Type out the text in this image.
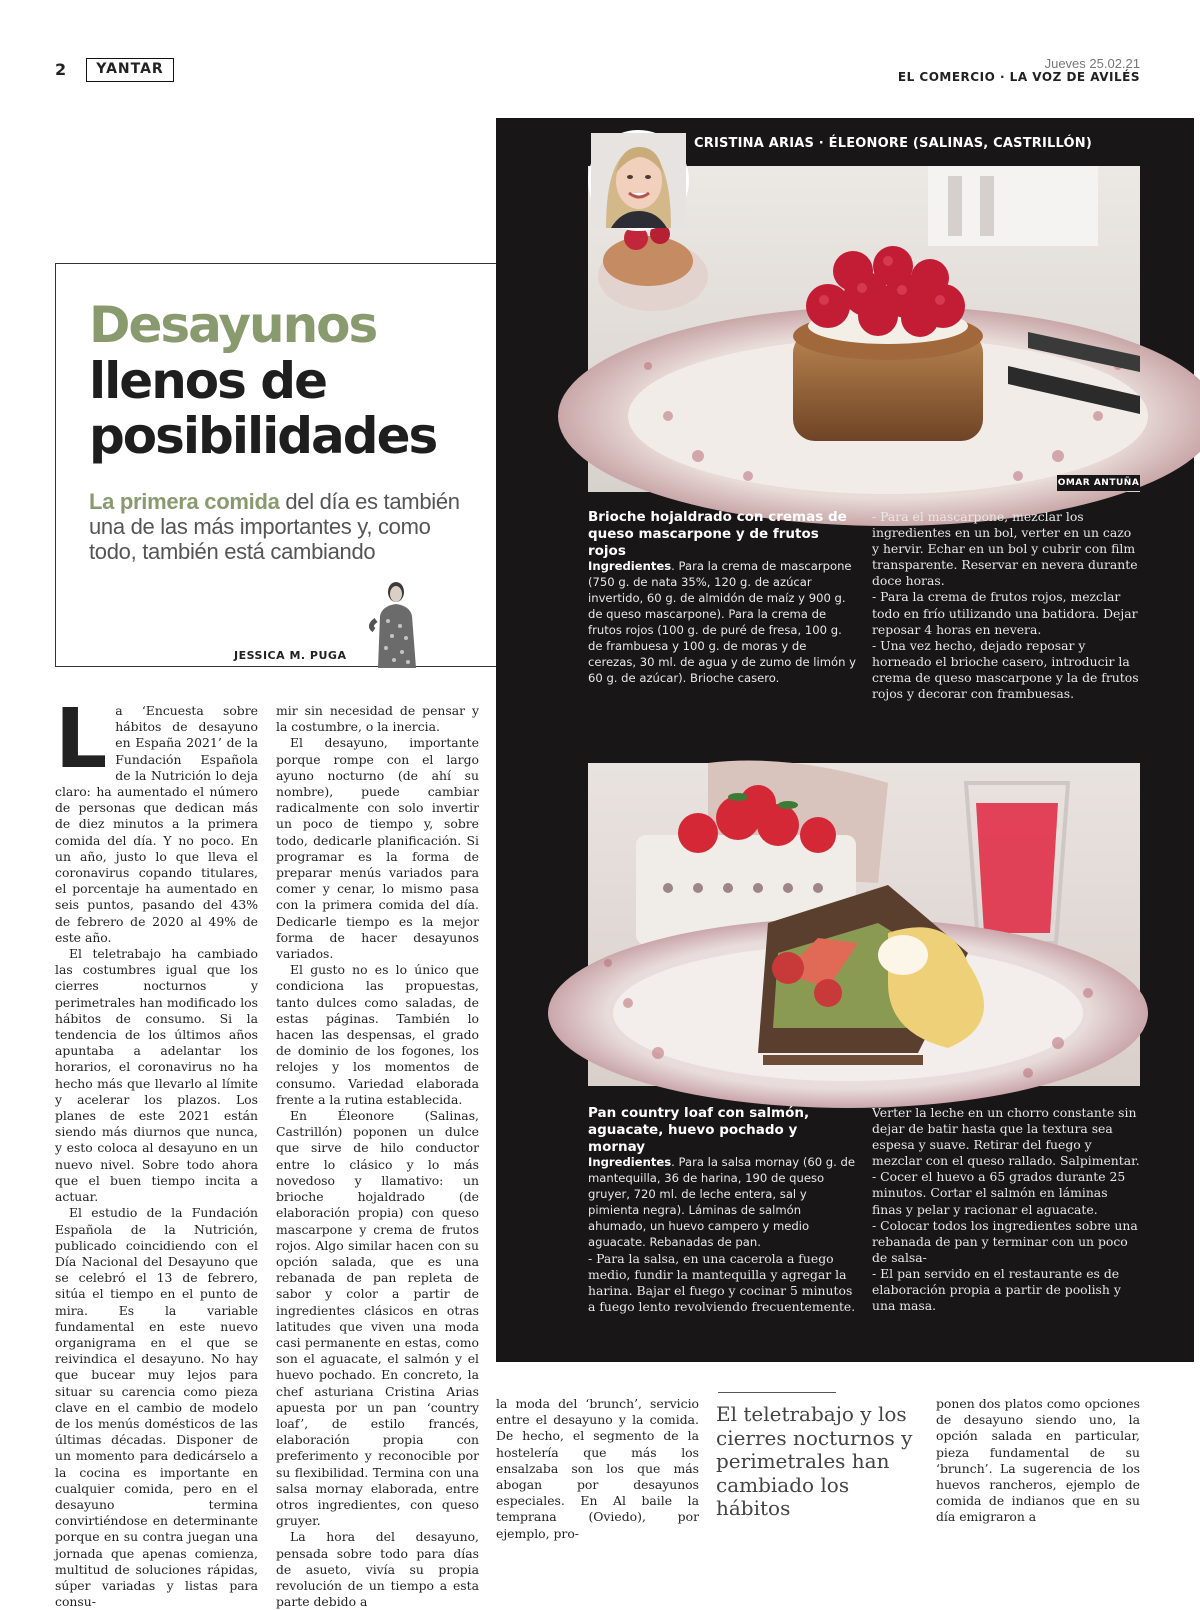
2	YANTAR	Jueves 25.02.21
EL COMERCIO · LA VOZ DE AVILÉS
Desayunos
llenos de posibilidades
La primera comida del día es también una de las más importantes y, como todo, también está cambiando
JESSICA M. PUGA
L a ‘Encuesta sobre hábitos de desayuno en España 2021’ de la Fundación Española de la Nutrición lo deja claro: ha aumentado el número de personas que dedican más de diez minutos a la primera comida del día. Y no poco. En un año, justo lo que lleva el coronavirus copando titulares, el porcentaje ha aumentado en seis puntos, pasando del 43% de febrero de 2020 al 49% de este año.

El teletrabajo ha cambiado las costumbres igual que los cierres nocturnos y perimetrales han modificado los hábitos de consumo. Si la tendencia de los últimos años apuntaba a adelantar los horarios, el coronavirus no ha hecho más que llevarlo al límite y acelerar los plazos. Los planes de este 2021 están siendo más diurnos que nunca, y esto coloca al desayuno en un nuevo nivel. Sobre todo ahora que el buen tiempo incita a actuar.

El estudio de la Fundación Española de la Nutrición, publicado coincidiendo con el Día Nacional del Desayuno que se celebró el 13 de febrero, sitúa el tiempo en el punto de mira. Es la variable fundamental en este nuevo organigrama en el que se reivindica el desayuno. No hay que bucear muy lejos para situar su carencia como pieza clave en el cambio de modelo de los menús domésticos de las últimas décadas. Disponer de un momento para dedicárselo a la cocina es importante en cualquier comida, pero en el desayuno termina convirtiéndose en determinante porque en su contra juegan una jornada que apenas comienza, multitud de soluciones rápidas, súper variadas y listas para consu-

mir sin necesidad de pensar y la costumbre, o la inercia.

El desayuno, importante porque rompe con el largo ayuno nocturno (de ahí su nombre), puede cambiar radicalmente con solo invertir un poco de tiempo y, sobre todo, dedicarle planificación. Si programar es la forma de preparar menús variados para comer y cenar, lo mismo pasa con la primera comida del día. Dedicarle tiempo es la mejor forma de hacer desayunos variados.

El gusto no es lo único que condiciona las propuestas, tanto dulces como saladas, de estas páginas. También lo hacen las despensas, el grado de dominio de los fogones, los relojes y los momentos de consumo. Variedad elaborada frente a la rutina establecida.

En Éleonore (Salinas, Castrillón) poponen un dulce que sirve de hilo conductor entre lo clásico y lo más novedoso y llamativo: un brioche hojaldrado (de elaboración propia) con queso mascarpone y crema de frutos rojos. Algo similar hacen con su opción salada, que es una rebanada de pan repleta de sabor y color a partir de ingredientes clásicos en otras latitudes que viven una moda casi permanente en estas, como son el aguacate, el salmón y el huevo pochado. En concreto, la chef asturiana Cristina Arias apuesta por un pan ‘country loaf’, de estilo francés, elaboración propia con preferimento y reconocible por su flexibilidad. Termina con una salsa mornay elaborada, entre otros ingredientes, con queso gruyer.

La hora del desayuno, pensada sobre todo para días de asueto, vivía su propia revolución de un tiempo a esta parte debido a

la moda del ‘brunch’, servicio entre el desayuno y la comida. De hecho, el segmento de la hostelería que más los ensalzaba son los que más abogan por desayunos especiales. En Al baile la temprana (Oviedo), por ejemplo, pro-

El teletrabajo y los cierres nocturnos y perimetrales han cambiado los hábitos

ponen dos platos como opciones de desayuno siendo uno, la opción salada en particular, pieza fundamental de su ‘brunch’. La sugerencia de los huevos rancheros, ejemplo de comida de indianos que en su día emigraron a

OMAR ANTUÑA
CRISTINA ARIAS · ÉLEONORE (SALINAS, CASTRILLÓN)
Brioche hojaldrado con cremas de queso mascarpone y de frutos rojos
Ingredientes. Para la crema de mascarpone (750 g. de nata 35%, 120 g. de azúcar invertido, 60 g. de almidón de maíz y 900 g. de queso mascarpone). Para la crema de frutos rojos (100 g. de puré de fresa, 100 g. de frambuesa y 100 g. de moras y de cerezas, 30 ml. de agua y de zumo de limón y 60 g. de azúcar). Brioche casero.
- Para el mascarpone, mezclar los ingredientes en un bol, verter en un cazo y hervir. Echar en un bol y cubrir con film transparente. Reservar en nevera durante doce horas.
- Para la crema de frutos rojos, mezclar todo en frío utilizando una batidora. Dejar reposar 4 horas en nevera.
- Una vez hecho, dejado reposar y horneado el brioche casero, introducir la crema de queso mascarpone y la de frutos rojos y decorar con frambuesas.
Pan country loaf con salmón, aguacate, huevo pochado y mornay
Ingredientes. Para la salsa mornay (60 g. de mantequilla, 36 de harina, 190 de queso gruyer, 720 ml. de leche entera, sal y pimienta negra). Láminas de salmón ahumado, un huevo campero y medio aguacate. Rebanadas de pan.
- Para la salsa, en una cacerola a fuego medio, fundir la mantequilla y agregar la harina. Bajar el fuego y cocinar 5 minutos a fuego lento revolviendo frecuentemente.
Verter la leche en un chorro constante sin dejar de batir hasta que la textura sea espesa y suave. Retirar del fuego y mezclar con el queso rallado. Salpimentar.
- Cocer el huevo a 65 grados durante 25 minutos. Cortar el salmón en láminas finas y pelar y racionar el aguacate.
- Colocar todos los ingredientes sobre una rebanada de pan y terminar con un poco de salsa-
- El pan servido en el restaurante es de elaboración propia a partir de poolish y una masa.
